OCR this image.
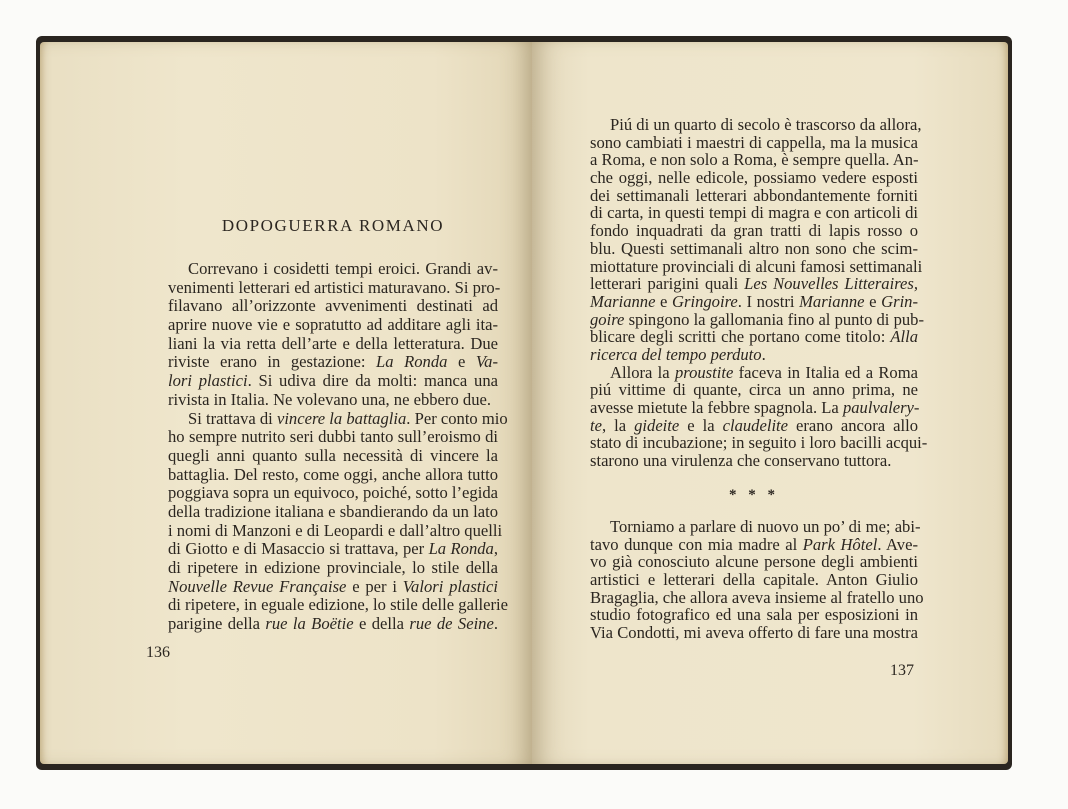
DOPOGUERRA ROMANO
Correvano i cosidetti tempi eroici. Grandi av-
venimenti letterari ed artistici maturavano. Si pro-
filavano all’orizzonte avvenimenti destinati ad
aprire nuove vie e sopratutto ad additare agli ita-
liani la via retta dell’arte e della letteratura. Due
riviste erano in gestazione: La Ronda e Va-
lori plastici. Si udiva dire da molti: manca una
rivista in Italia. Ne volevano una, ne ebbero due.
Si trattava di vincere la battaglia. Per conto mio
ho sempre nutrito seri dubbi tanto sull’eroismo di
quegli anni quanto sulla necessità di vincere la
battaglia. Del resto, come oggi, anche allora tutto
poggiava sopra un equivoco, poiché, sotto l’egida
della tradizione italiana e sbandierando da un lato
i nomi di Manzoni e di Leopardi e dall’altro quelli
di Giotto e di Masaccio si trattava, per La Ronda,
di ripetere in edizione provinciale, lo stile della
Nouvelle Revue Française e per i Valori plastici
di ripetere, in eguale edizione, lo stile delle gallerie
parigine della rue la Boëtie e della rue de Seine.
136
Piú di un quarto di secolo è trascorso da allora,
sono cambiati i maestri di cappella, ma la musica
a Roma, e non solo a Roma, è sempre quella. An-
che oggi, nelle edicole, possiamo vedere esposti
dei settimanali letterari abbondantemente forniti
di carta, in questi tempi di magra e con articoli di
fondo inquadrati da gran tratti di lapis rosso o
blu. Questi settimanali altro non sono che scim-
miottature provinciali di alcuni famosi settimanali
letterari parigini quali Les Nouvelles Litteraires,
Marianne e Gringoire. I nostri Marianne e Grin-
goire spingono la gallomania fino al punto di pub-
blicare degli scritti che portano come titolo: Alla
ricerca del tempo perduto.
Allora la proustite faceva in Italia ed a Roma
piú vittime di quante, circa un anno prima, ne
avesse mietute la febbre spagnola. La paulvalery-
te, la gideite e la claudelite erano ancora allo
stato di incubazione; in seguito i loro bacilli acqui-
starono una virulenza che conservano tuttora.
* * *
Torniamo a parlare di nuovo un po’ di me; abi-
tavo dunque con mia madre al Park Hôtel. Ave-
vo già conosciuto alcune persone degli ambienti
artistici e letterari della capitale. Anton Giulio
Bragaglia, che allora aveva insieme al fratello uno
studio fotografico ed una sala per esposizioni in
Via Condotti, mi aveva offerto di fare una mostra
137
